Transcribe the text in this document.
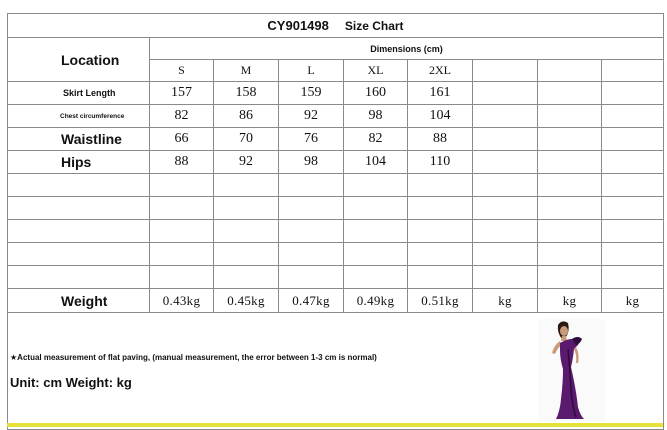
CY901498 Size Chart								
Location	Dimensions (cm)							
	S	M	L	XL	2XL			
Skirt Length	157	158	159	160	161			
Chest circumference	82	86	92	98	104			
Waistline	66	70	76	82	88			
Hips	88	92	98	104	110			

Weight	0.43kg	0.45kg	0.47kg	0.49kg	0.51kg	kg	kg	kg

★Actual measurement of flat paving, (manual measurement, the error between 1-3 cm is normal)
Unit: cm Weight: kg								
